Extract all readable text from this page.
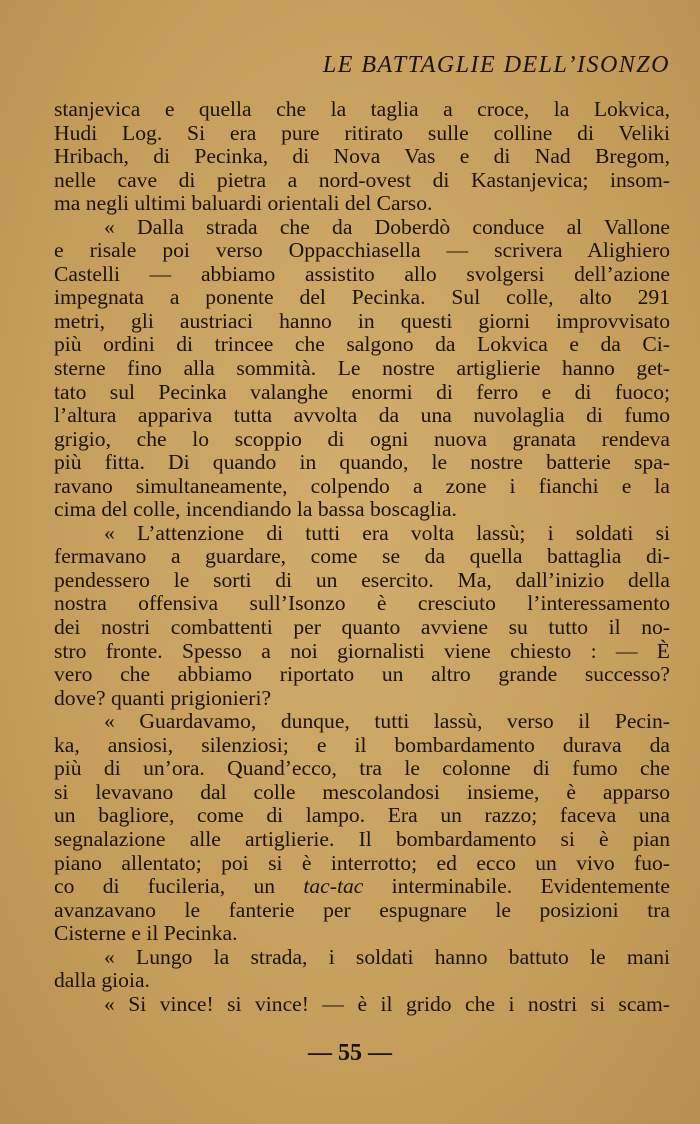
LE BATTAGLIE DELL’ISONZO
stanjevica e quella che la taglia a croce, la Lokvica,
Hudi Log. Si era pure ritirato sulle colline di Veliki
Hribach, di Pecinka, di Nova Vas e di Nad Bregom,
nelle cave di pietra a nord-ovest di Kastanjevica; insom-
ma negli ultimi baluardi orientali del Carso.
« Dalla strada che da Doberdò conduce al Vallone
e risale poi verso Oppacchiasella — scrivera Alighiero
Castelli — abbiamo assistito allo svolgersi dell’azione
impegnata a ponente del Pecinka. Sul colle, alto 291
metri, gli austriaci hanno in questi giorni improvvisato
più ordini di trincee che salgono da Lokvica e da Ci-
sterne fino alla sommità. Le nostre artiglierie hanno get-
tato sul Pecinka valanghe enormi di ferro e di fuoco;
l’altura appariva tutta avvolta da una nuvolaglia di fumo
grigio, che lo scoppio di ogni nuova granata rendeva
più fitta. Di quando in quando, le nostre batterie spa-
ravano simultaneamente, colpendo a zone i fianchi e la
cima del colle, incendiando la bassa boscaglia.
« L’attenzione di tutti era volta lassù; i soldati si
fermavano a guardare, come se da quella battaglia di-
pendessero le sorti di un esercito. Ma, dall’inizio della
nostra offensiva sull’Isonzo è cresciuto l’interessamento
dei nostri combattenti per quanto avviene su tutto il no-
stro fronte. Spesso a noi giornalisti viene chiesto : — È
vero che abbiamo riportato un altro grande successo?
dove? quanti prigionieri?
« Guardavamo, dunque, tutti lassù, verso il Pecin-
ka, ansiosi, silenziosi; e il bombardamento durava da
più di un’ora. Quand’ecco, tra le colonne di fumo che
si levavano dal colle mescolandosi insieme, è apparso
un bagliore, come di lampo. Era un razzo; faceva una
segnalazione alle artiglierie. Il bombardamento si è pian
piano allentato; poi si è interrotto; ed ecco un vivo fuo-
co di fucileria, un tac-tac interminabile. Evidentemente
avanzavano le fanterie per espugnare le posizioni tra
Cisterne e il Pecinka.
« Lungo la strada, i soldati hanno battuto le mani
dalla gioia.
« Si vince! si vince! — è il grido che i nostri si scam-
— 55 —
